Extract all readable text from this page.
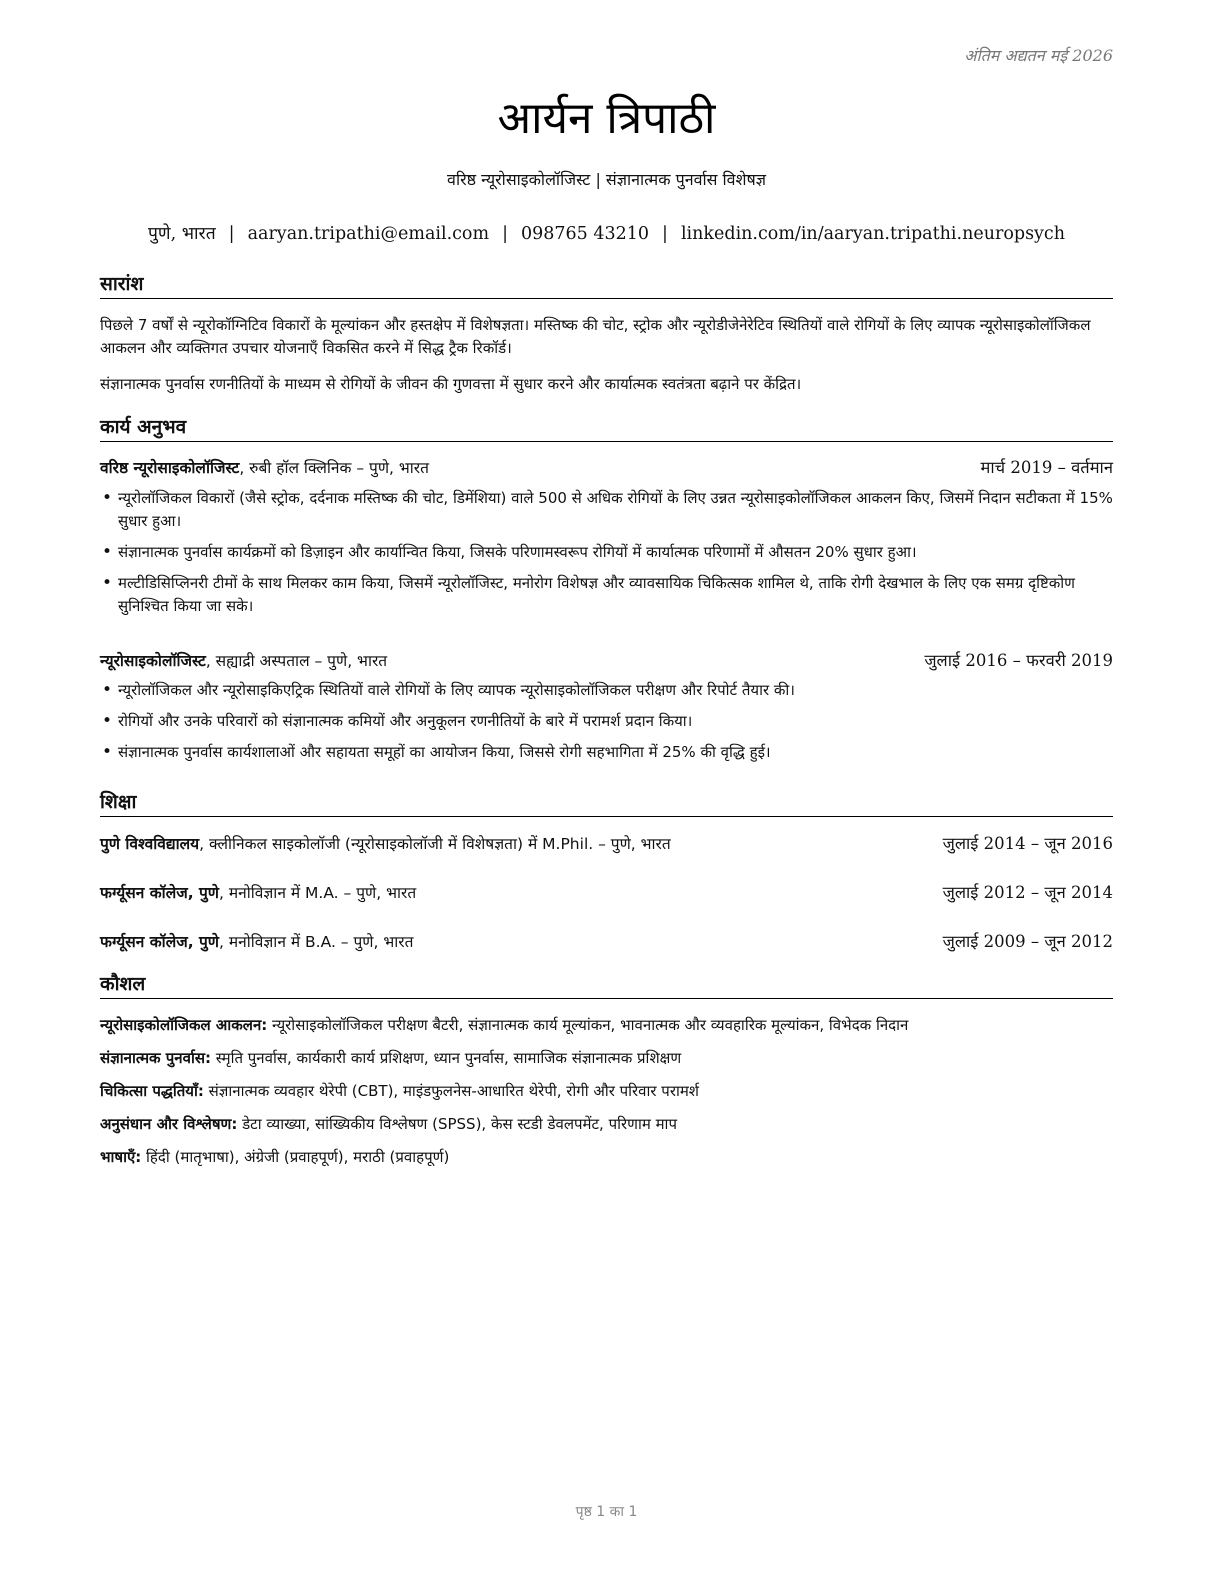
अंतिम अद्यतन मई 2026
आर्यन त्रिपाठी
वरिष्ठ न्यूरोसाइकोलॉजिस्ट | संज्ञानात्मक पुनर्वास विशेषज्ञ
पुणे, भारत | aaryan.tripathi@email.com | 098765 43210 | linkedin.com/in/aaryan.tripathi.neuropsych
सारांश
पिछले 7 वर्षों से न्यूरोकॉग्निटिव विकारों के मूल्यांकन और हस्तक्षेप में विशेषज्ञता। मस्तिष्क की चोट, स्ट्रोक और न्यूरोडीजेनेरेटिव स्थितियों वाले रोगियों के लिए व्यापक न्यूरोसाइकोलॉजिकल आकलन और व्यक्तिगत उपचार योजनाएँ विकसित करने में सिद्ध ट्रैक रिकॉर्ड।
संज्ञानात्मक पुनर्वास रणनीतियों के माध्यम से रोगियों के जीवन की गुणवत्ता में सुधार करने और कार्यात्मक स्वतंत्रता बढ़ाने पर केंद्रित।
कार्य अनुभव
वरिष्ठ न्यूरोसाइकोलॉजिस्ट, रुबी हॉल क्लिनिक – पुणे, भारत	मार्च 2019 – वर्तमान
• न्यूरोलॉजिकल विकारों (जैसे स्ट्रोक, दर्दनाक मस्तिष्क की चोट, डिमेंशिया) वाले 500 से अधिक रोगियों के लिए उन्नत न्यूरोसाइकोलॉजिकल आकलन किए, जिसमें निदान सटीकता में 15% सुधार हुआ।
• संज्ञानात्मक पुनर्वास कार्यक्रमों को डिज़ाइन और कार्यान्वित किया, जिसके परिणामस्वरूप रोगियों में कार्यात्मक परिणामों में औसतन 20% सुधार हुआ।
• मल्टीडिसिप्लिनरी टीमों के साथ मिलकर काम किया, जिसमें न्यूरोलॉजिस्ट, मनोरोग विशेषज्ञ और व्यावसायिक चिकित्सक शामिल थे, ताकि रोगी देखभाल के लिए एक समग्र दृष्टिकोण सुनिश्चित किया जा सके।
न्यूरोसाइकोलॉजिस्ट, सह्याद्री अस्पताल – पुणे, भारत	जुलाई 2016 – फरवरी 2019
• न्यूरोलॉजिकल और न्यूरोसाइकिएट्रिक स्थितियों वाले रोगियों के लिए व्यापक न्यूरोसाइकोलॉजिकल परीक्षण और रिपोर्ट तैयार की।
• रोगियों और उनके परिवारों को संज्ञानात्मक कमियों और अनुकूलन रणनीतियों के बारे में परामर्श प्रदान किया।
• संज्ञानात्मक पुनर्वास कार्यशालाओं और सहायता समूहों का आयोजन किया, जिससे रोगी सहभागिता में 25% की वृद्धि हुई।
शिक्षा
पुणे विश्वविद्यालय, क्लीनिकल साइकोलॉजी (न्यूरोसाइकोलॉजी में विशेषज्ञता) में M.Phil. – पुणे, भारत	जुलाई 2014 – जून 2016
फर्ग्यूसन कॉलेज, पुणे, मनोविज्ञान में M.A. – पुणे, भारत	जुलाई 2012 – जून 2014
फर्ग्यूसन कॉलेज, पुणे, मनोविज्ञान में B.A. – पुणे, भारत	जुलाई 2009 – जून 2012
कौशल
न्यूरोसाइकोलॉजिकल आकलन: न्यूरोसाइकोलॉजिकल परीक्षण बैटरी, संज्ञानात्मक कार्य मूल्यांकन, भावनात्मक और व्यवहारिक मूल्यांकन, विभेदक निदान
संज्ञानात्मक पुनर्वास: स्मृति पुनर्वास, कार्यकारी कार्य प्रशिक्षण, ध्यान पुनर्वास, सामाजिक संज्ञानात्मक प्रशिक्षण
चिकित्सा पद्धतियाँ: संज्ञानात्मक व्यवहार थेरेपी (CBT), माइंडफुलनेस-आधारित थेरेपी, रोगी और परिवार परामर्श
अनुसंधान और विश्लेषण: डेटा व्याख्या, सांख्यिकीय विश्लेषण (SPSS), केस स्टडी डेवलपमेंट, परिणाम माप
भाषाएँ: हिंदी (मातृभाषा), अंग्रेजी (प्रवाहपूर्ण), मराठी (प्रवाहपूर्ण)
पृष्ठ 1 का 1
